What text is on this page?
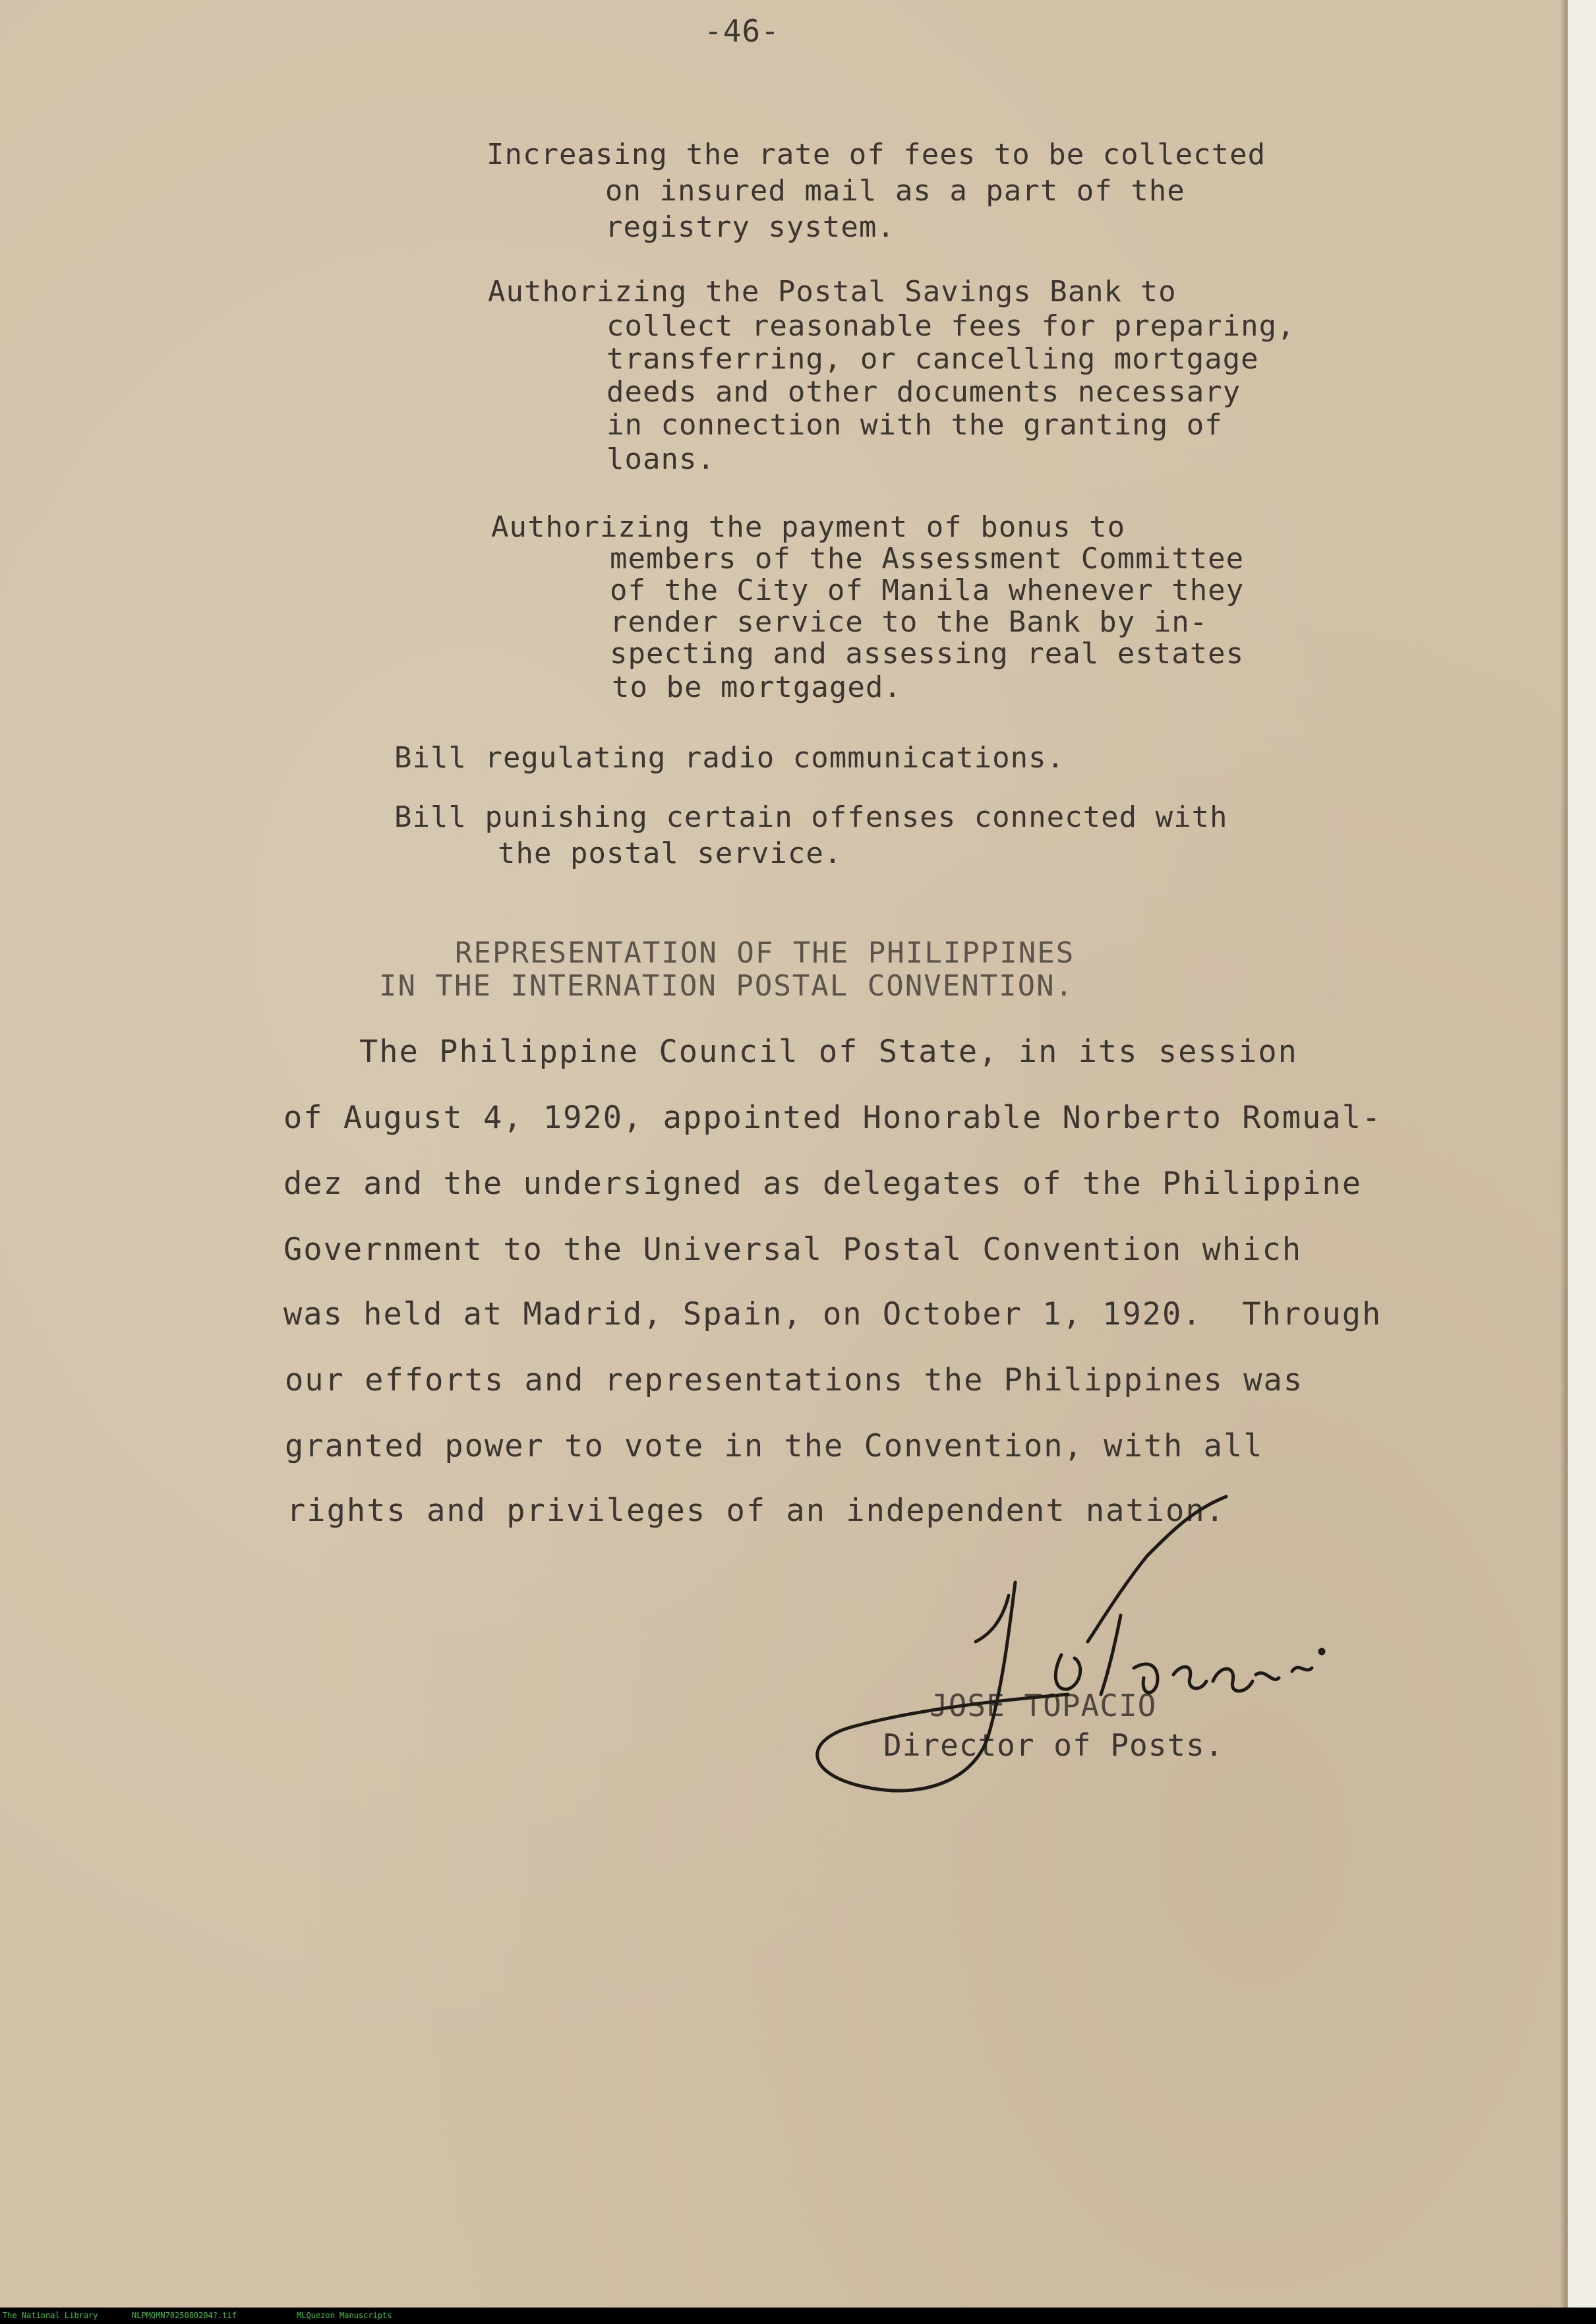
-46-
Increasing the rate of fees to be collected
on insured mail as a part of the
registry system.
Authorizing the Postal Savings Bank to
collect reasonable fees for preparing,
transferring, or cancelling mortgage
deeds and other documents necessary
in connection with the granting of
loans.
Authorizing the payment of bonus to
members of the Assessment Committee
of the City of Manila whenever they
render service to the Bank by in-
specting and assessing real estates
to be mortgaged.
Bill regulating radio communications.
Bill punishing certain offenses connected with
the postal service.
REPRESENTATION OF THE PHILIPPINES
IN THE INTERNATION POSTAL CONVENTION.
The Philippine Council of State, in its session
of August 4, 1920, appointed Honorable Norberto Romual-
dez and the undersigned as delegates of the Philippine
Government to the Universal Postal Convention which
was held at Madrid, Spain, on October 1, 1920.  Through
our efforts and representations the Philippines was
granted power to vote in the Convention, with all
rights and privileges of an independent nation.
JOSE TOPACIO
Director of Posts.
The National Library	NLPMQMN7025080204?.tif	MLQuezon Manuscripts
